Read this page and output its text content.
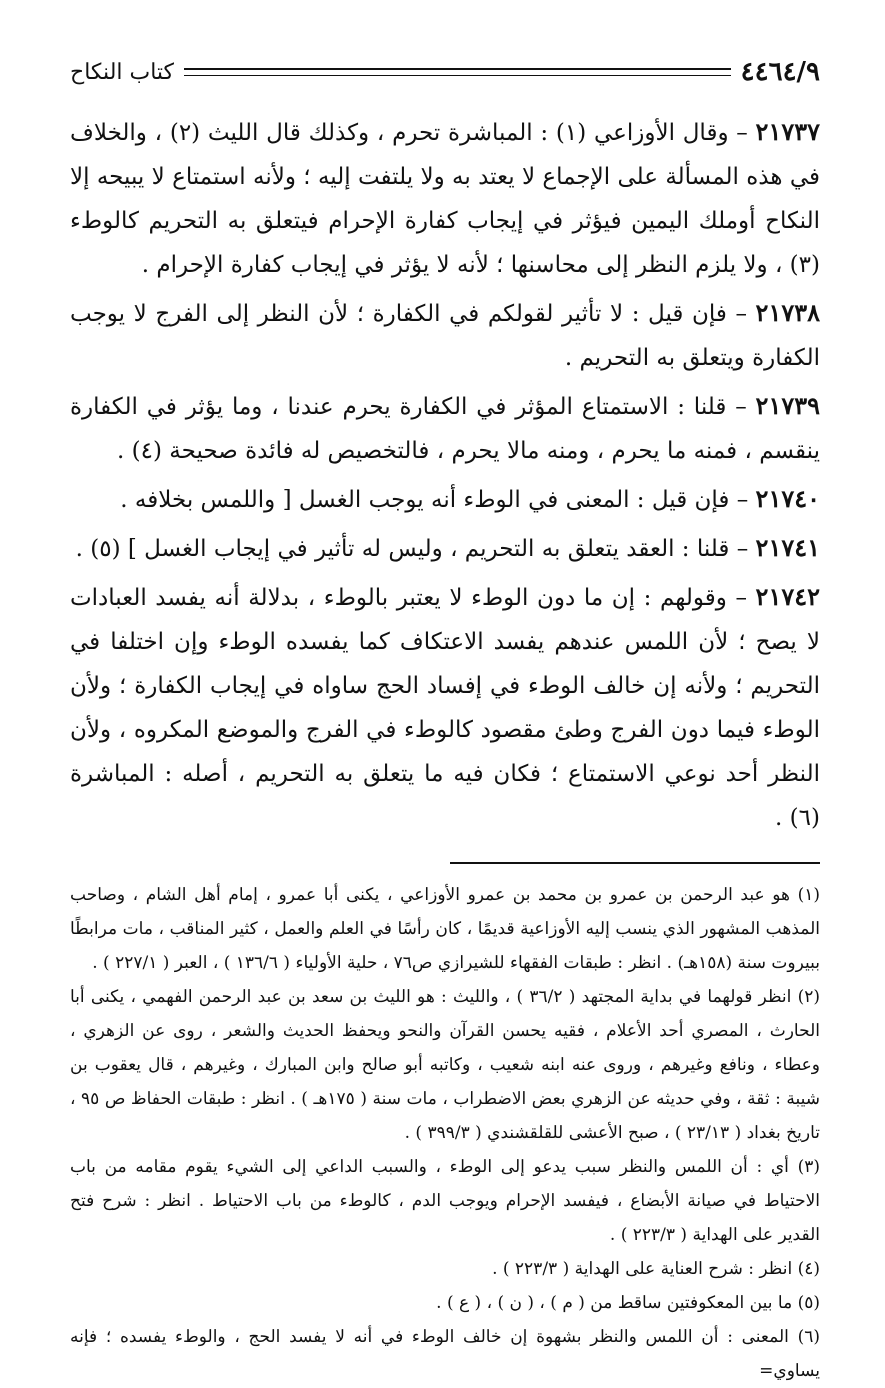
٤٤٦٤/٩
كتاب النكاح

٢١٧٣٧ – وقال الأوزاعي (١) : المباشرة تحرم ، وكذلك قال الليث (٢) ، والخلاف في هذه المسألة على الإجماع لا يعتد به ولا يلتفت إليه ؛ ولأنه استمتاع لا يبيحه إلا النكاح أوملك اليمين فيؤثر في إيجاب كفارة الإحرام فيتعلق به التحريم كالوطء (٣) ، ولا يلزم النظر إلى محاسنها ؛ لأنه لا يؤثر في إيجاب كفارة الإحرام .

٢١٧٣٨ – فإن قيل : لا تأثير لقولكم في الكفارة ؛ لأن النظر إلى الفرج لا يوجب الكفارة ويتعلق به التحريم .

٢١٧٣٩ – قلنا : الاستمتاع المؤثر في الكفارة يحرم عندنا ، وما يؤثر في الكفارة ينقسم ، فمنه ما يحرم ، ومنه مالا يحرم ، فالتخصيص له فائدة صحيحة (٤) .

٢١٧٤٠ – فإن قيل : المعنى في الوطء أنه يوجب الغسل [ واللمس بخلافه .

٢١٧٤١ – قلنا : العقد يتعلق به التحريم ، وليس له تأثير في إيجاب الغسل ] (٥) .

٢١٧٤٢ – وقولهم : إن ما دون الوطء لا يعتبر بالوطء ، بدلالة أنه يفسد العبادات لا يصح ؛ لأن اللمس عندهم يفسد الاعتكاف كما يفسده الوطء وإن اختلفا في التحريم ؛ ولأنه إن خالف الوطء في إفساد الحج ساواه في إيجاب الكفارة ؛ ولأن الوطء فيما دون الفرج وطئ مقصود كالوطء في الفرج والموضع المكروه ، ولأن النظر أحد نوعي الاستمتاع ؛ فكان فيه ما يتعلق به التحريم ، أصله : المباشرة (٦) .

(١) هو عبد الرحمن بن عمرو بن محمد بن عمرو الأوزاعي ، يكنى أبا عمرو ، إمام أهل الشام ، وصاحب المذهب المشهور الذي ينسب إليه الأوزاعية قديمًا ، كان رأسًا في العلم والعمل ، كثير المناقب ، مات مرابطًا ببيروت سنة (١٥٨هـ) . انظر : طبقات الفقهاء للشيرازي ص٧٦ ، حلية الأولياء ( ١٣٦/٦ ) ، العبر ( ٢٢٧/١ ) .

(٢) انظر قولهما في بداية المجتهد ( ٣٦/٢ ) ، والليث : هو الليث بن سعد بن عبد الرحمن الفهمي ، يكنى أبا الحارث ، المصري أحد الأعلام ، فقيه يحسن القرآن والنحو ويحفظ الحديث والشعر ، روى عن الزهري ، وعطاء ، ونافع وغيرهم ، وروى عنه ابنه شعيب ، وكاتبه أبو صالح وابن المبارك ، وغيرهم ، قال يعقوب بن شيبة : ثقة ، وفي حديثه عن الزهري بعض الاضطراب ، مات سنة ( ١٧٥هـ ) . انظر : طبقات الحفاظ ص ٩٥ ، تاريخ بغداد ( ٢٣/١٣ ) ، صبح الأعشى للقلقشندي ( ٣٩٩/٣ ) .

(٣) أي : أن اللمس والنظر سبب يدعو إلى الوطء ، والسبب الداعي إلى الشيء يقوم مقامه من باب الاحتياط في صيانة الأبضاع ، فيفسد الإحرام ويوجب الدم ، كالوطء من باب الاحتياط . انظر : شرح فتح القدير على الهداية ( ٢٢٣/٣ ) .

(٤) انظر : شرح العناية على الهداية ( ٢٢٣/٣ ) .

(٥) ما بين المعكوفتين ساقط من ( م ) ، ( ن ) ، ( ع ) .

(٦) المعنى : أن اللمس والنظر بشهوة إن خالف الوطء في أنه لا يفسد الحج ، والوطء يفسده ؛ فإنه يساوي=
